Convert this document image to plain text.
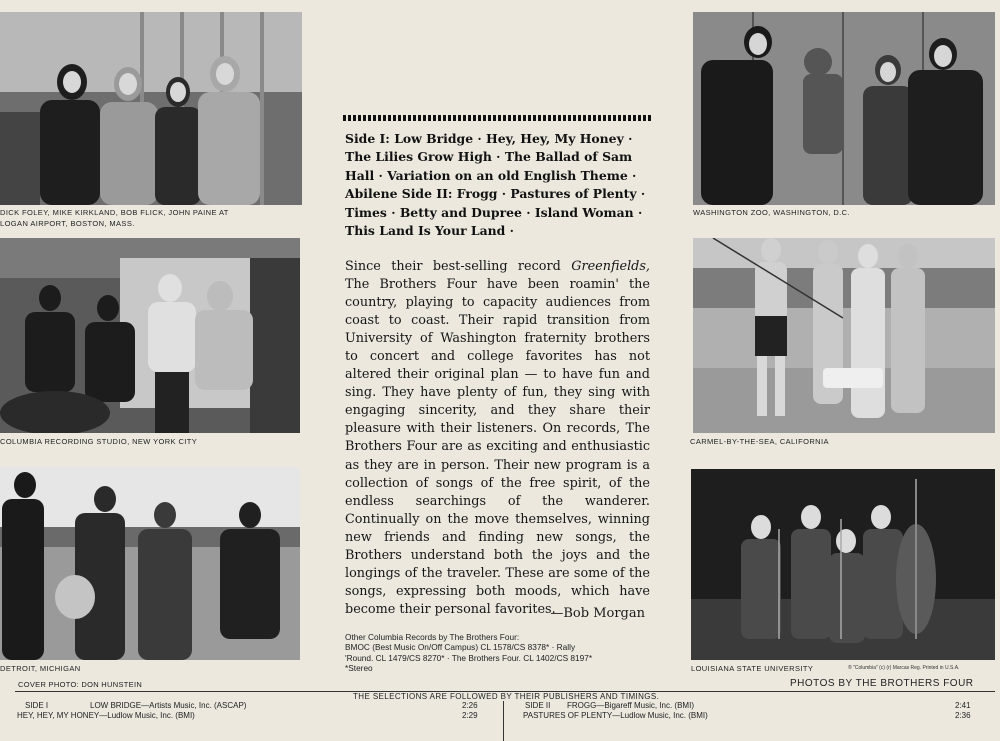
DICK FOLEY, MIKE KIRKLAND, BOB FLICK, JOHN PAINE AT
LOGAN AIRPORT, BOSTON, MASS.
COLUMBIA RECORDING STUDIO, NEW YORK CITY
DETROIT, MICHIGAN
WASHINGTON ZOO, WASHINGTON, D.C.
CARMEL-BY-THE-SEA, CALIFORNIA
LOUISIANA STATE UNIVERSITY	® "Columbia" (c) (r) Marcas Reg. Printed in U.S.A.
Side I: Low Bridge · Hey, Hey, My Honey ·
The Lilies Grow High · The Ballad of Sam
Hall · Variation on an old English Theme ·
Abilene Side II: Frogg · Pastures of Plenty ·
Times · Betty and Dupree · Island Woman ·
This Land Is Your Land ·
Since their best-selling record Greenfields, The Brothers Four have been roamin' the country, playing to capacity audiences from coast to coast. Their rapid transition from University of Washington fraternity brothers to concert and college favorites has not altered their original plan — to have fun and sing. They have plenty of fun, they sing with engaging sincerity, and they share their pleasure with their listeners. On records, The Brothers Four are as exciting and enthusiastic as they are in person. Their new program is a collection of songs of the free spirit, of the endless searchings of the wanderer. Continually on the move themselves, winning new friends and finding new songs, the Brothers understand both the joys and the longings of the traveler. These are some of the songs, expressing both moods, which have become their personal favorites.
—Bob Morgan
Other Columbia Records by The Brothers Four:
BMOC (Best Music On/Off Campus) CL 1578/CS 8378* · Rally
'Round. CL 1479/CS 8270* · The Brothers Four. CL 1402/CS 8197*
*Stereo
COVER PHOTO: DON HUNSTEIN	PHOTOS BY THE BROTHERS FOUR
THE SELECTIONS ARE FOLLOWED BY THEIR PUBLISHERS AND TIMINGS.
SIDE I	LOW BRIDGE—Artists Music, Inc. (ASCAP)	2:26
HEY, HEY, MY HONEY—Ludlow Music, Inc. (BMI)	2:29
SIDE II FROGG—Bigareff Music, Inc. (BMI)	2:41
PASTURES OF PLENTY—Ludlow Music, Inc. (BMI)	2:36
